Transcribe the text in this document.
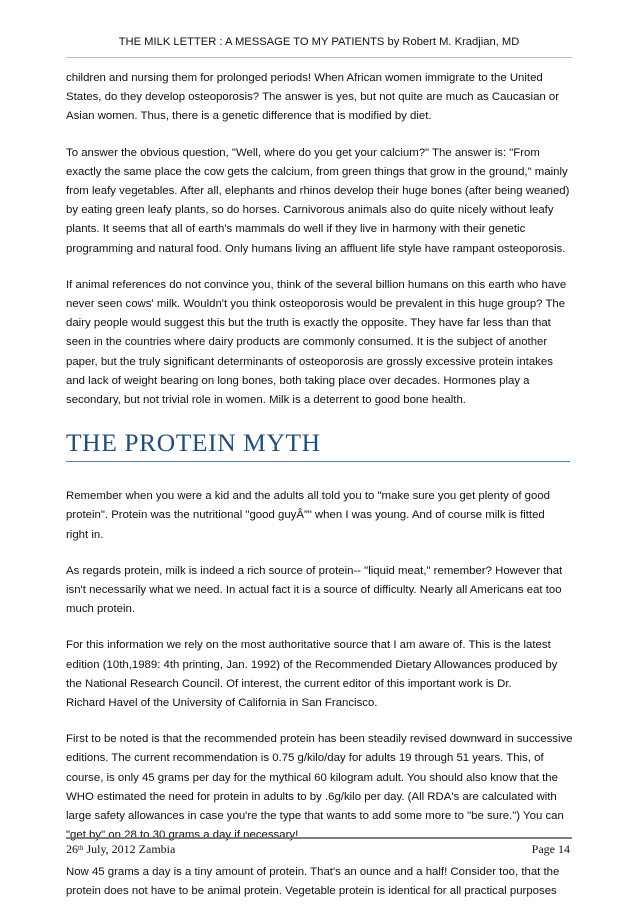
THE MILK LETTER : A MESSAGE TO MY PATIENTS by Robert M. Kradjian, MD

children and nursing them for prolonged periods! When African women immigrate to the United
States, do they develop osteoporosis? The answer is yes, but not quite are much as Caucasian or
Asian women. Thus, there is a genetic difference that is modified by diet.

To answer the obvious question, "Well, where do you get your calcium?" The answer is: "From
exactly the same place the cow gets the calcium, from green things that grow in the ground," mainly
from leafy vegetables. After all, elephants and rhinos develop their huge bones (after being weaned)
by eating green leafy plants, so do horses. Carnivorous animals also do quite nicely without leafy
plants. It seems that all of earth's mammals do well if they live in harmony with their genetic
programming and natural food. Only humans living an affluent life style have rampant osteoporosis.

If animal references do not convince you, think of the several billion humans on this earth who have
never seen cows' milk. Wouldn't you think osteoporosis would be prevalent in this huge group? The
dairy people would suggest this but the truth is exactly the opposite. They have far less than that
seen in the countries where dairy products are commonly consumed. It is the subject of another
paper, but the truly significant determinants of osteoporosis are grossly excessive protein intakes
and lack of weight bearing on long bones, both taking place over decades. Hormones play a
secondary, but not trivial role in women. Milk is a deterrent to good bone health.

THE PROTEIN MYTH

Remember when you were a kid and the adults all told you to "make sure you get plenty of good
protein". Protein was the nutritional "good guyÂ”" when I was young. And of course milk is fitted
right in.

As regards protein, milk is indeed a rich source of protein-- "liquid meat," remember? However that
isn't necessarily what we need. In actual fact it is a source of difficulty. Nearly all Americans eat too
much protein.

For this information we rely on the most authoritative source that I am aware of. This is the latest
edition (10th,1989: 4th printing, Jan. 1992) of the Recommended Dietary Allowances produced by
the National Research Council. Of interest, the current editor of this important work is Dr.
Richard Havel of the University of California in San Francisco.

First to be noted is that the recommended protein has been steadily revised downward in successive
editions. The current recommendation is 0.75 g/kilo/day for adults 19 through 51 years. This, of
course, is only 45 grams per day for the mythical 60 kilogram adult. You should also know that the
WHO estimated the need for protein in adults to by .6g/kilo per day. (All RDA's are calculated with
large safety allowances in case you're the type that wants to add some more to "be sure.") You can
"get by" on 28 to 30 grams a day if necessary!

Now 45 grams a day is a tiny amount of protein. That's an ounce and a half! Consider too, that the
protein does not have to be animal protein. Vegetable protein is identical for all practical purposes

26th July, 2012 Zambia	Page 14
